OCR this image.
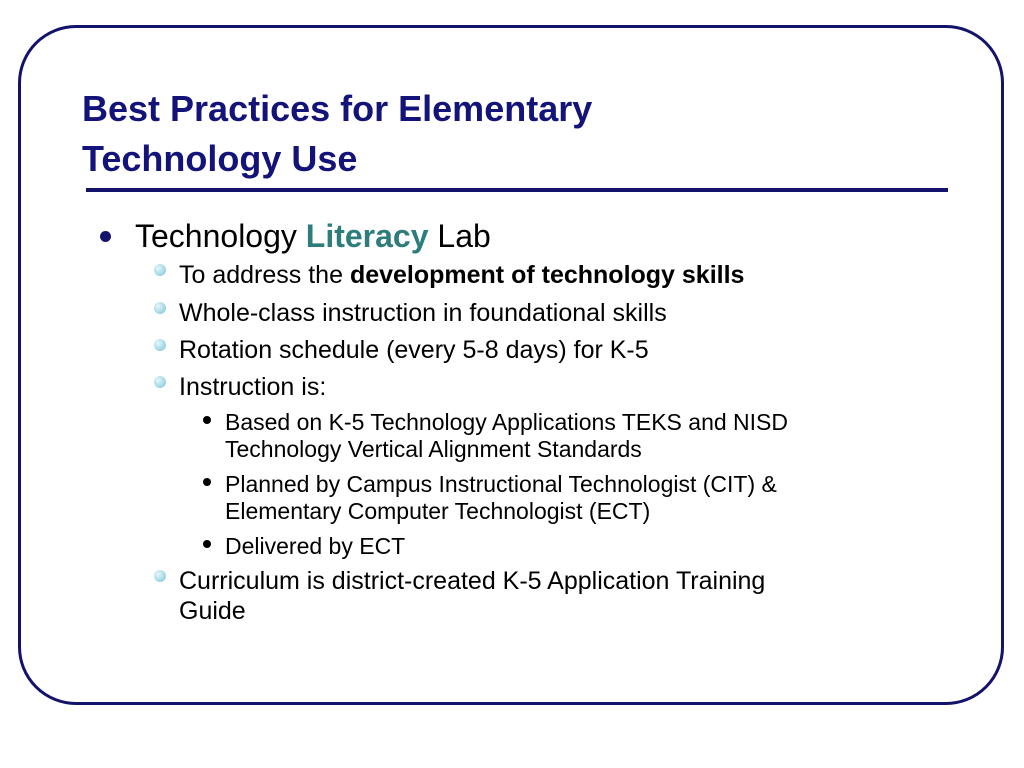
Best Practices for Elementary
Technology Use

Technology Literacy Lab

To address the development of technology skills

Whole-class instruction in foundational skills

Rotation schedule (every 5-8 days) for K-5

Instruction is:

Based on K-5 Technology Applications TEKS and NISD
Technology Vertical Alignment Standards

Planned by Campus Instructional Technologist (CIT) &
Elementary Computer Technologist (ECT)

Delivered by ECT

Curriculum is district-created K-5 Application Training
Guide
